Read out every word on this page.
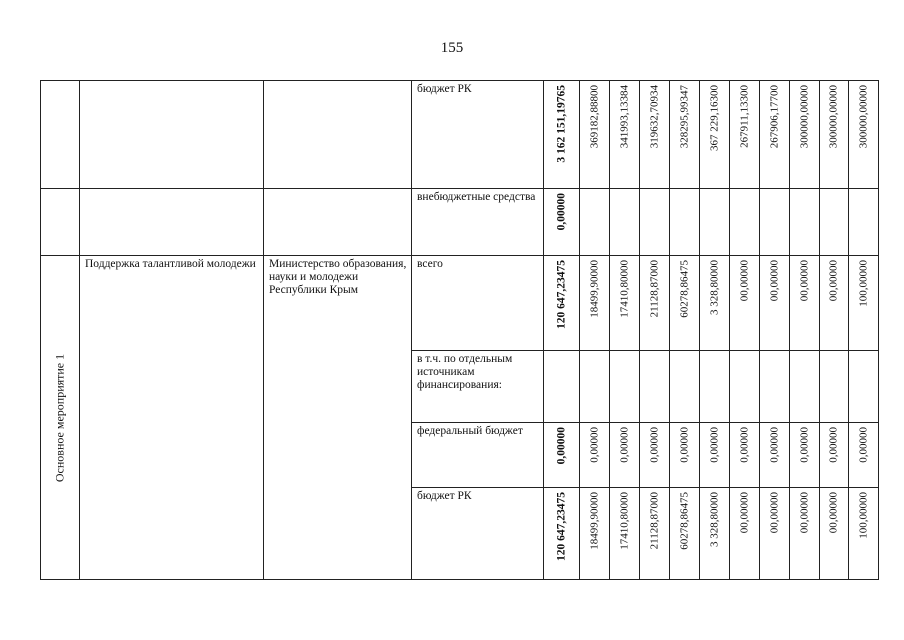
155

			бюджет РК	3 162 151,19765	369182,88800	341993,13384	319632,70934	328295,99347	367 229,16300	267911,13300	267906,17700	300000,00000	300000,00000	300000,00000

			внебюджетные средства	0,00000										

Основное мероприятие 1	Поддержка талантливой молодежи	Министерство образования, науки и молодежи Республики Крым	всего	120 647,23475	18499,90000	17410,80000	21128,87000	60278,86475	3 328,80000	00,00000	00,00000	00,00000	00,00000	100,00000

			в т.ч. по отдельным источникам финансирования:											

			федеральный бюджет	0,00000	0,00000	0,00000	0,00000	0,00000	0,00000	0,00000	0,00000	0,00000	0,00000	0,00000

			бюджет РК	120 647,23475	18499,90000	17410,80000	21128,87000	60278,86475	3 328,80000	00,00000	00,00000	00,00000	00,00000	100,00000
